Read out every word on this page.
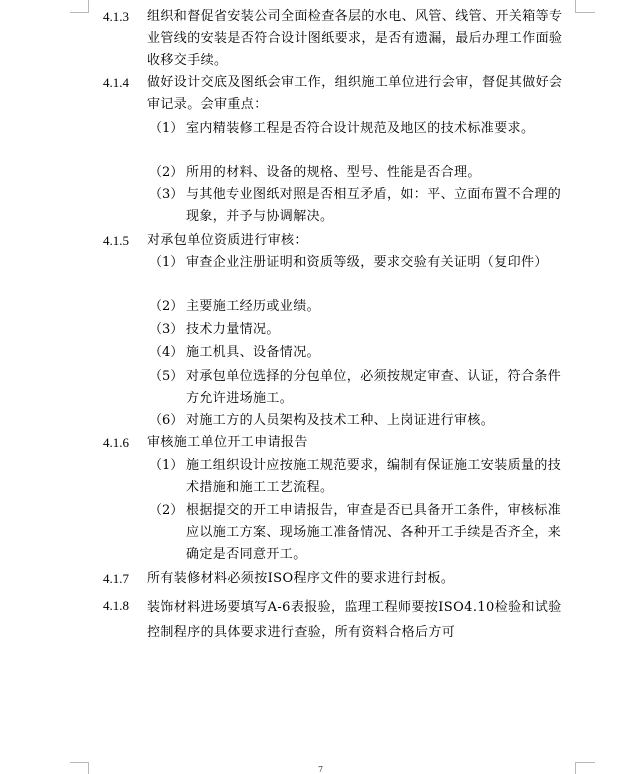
4.1.3 组织和督促省安装公司全面检查各层的水电、风管、线管、开关箱等专业管线的安装是否符合设计图纸要求，是否有遗漏，最后办理工作面验收移交手续。
4.1.4 做好设计交底及图纸会审工作，组织施工单位进行会审，督促其做好会审记录。会审重点：
（1） 室内精装修工程是否符合设计规范及地区的技术标准要求。
（2） 所用的材料、设备的规格、型号、性能是否合理。
（3） 与其他专业图纸对照是否相互矛盾，如：平、立面布置不合理的现象，并予与协调解决。
4.1.5 对承包单位资质进行审核：
（1） 审查企业注册证明和资质等级，要求交验有关证明（复印件）
（2） 主要施工经历或业绩。
（3） 技术力量情况。
（4） 施工机具、设备情况。
（5） 对承包单位选择的分包单位，必须按规定审查、认证，符合条件方允许进场施工。
（6） 对施工方的人员架构及技术工种、上岗证进行审核。
4.1.6 审核施工单位开工申请报告
（1） 施工组织设计应按施工规范要求，编制有保证施工安装质量的技术措施和施工工艺流程。
（2） 根据提交的开工申请报告，审查是否已具备开工条件，审核标准应以施工方案、现场施工准备情况、各种开工手续是否齐全，来确定是否同意开工。
4.1.7 所有装修材料必须按ISO程序文件的要求进行封板。
4.1.8 装饰材料进场要填写A-6表报验，监理工程师要按ISO4.10检验和试验控制程序的具体要求进行查验，所有资料合格后方可
7
